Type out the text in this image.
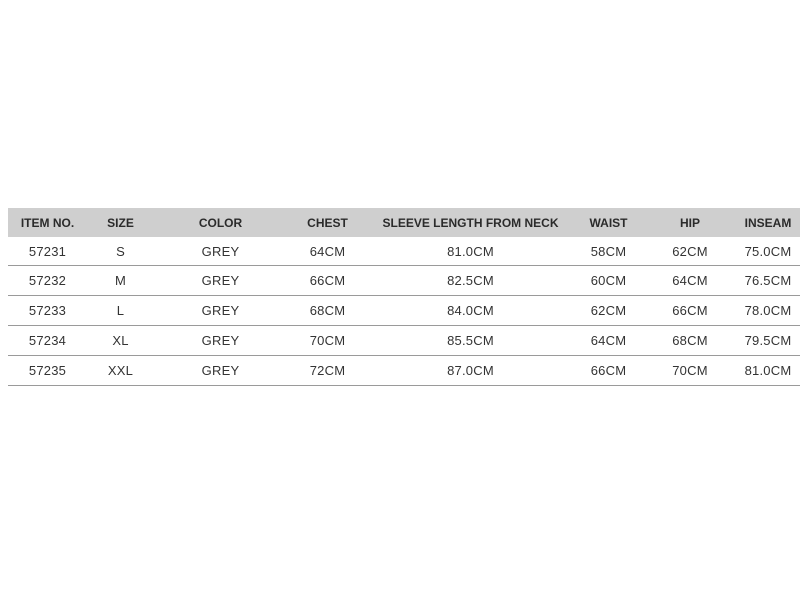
ITEM NO.	SIZE	COLOR	CHEST	SLEEVE LENGTH FROM NECK	WAIST	HIP	INSEAM
57231	S	GREY	64CM	81.0CM	58CM	62CM	75.0CM
57232	M	GREY	66CM	82.5CM	60CM	64CM	76.5CM
57233	L	GREY	68CM	84.0CM	62CM	66CM	78.0CM
57234	XL	GREY	70CM	85.5CM	64CM	68CM	79.5CM
57235	XXL	GREY	72CM	87.0CM	66CM	70CM	81.0CM
